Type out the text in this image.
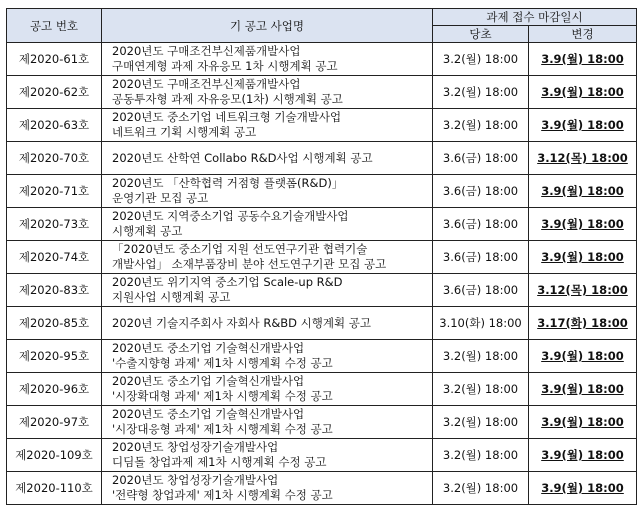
공고 번호	기 공고 사업명	과제 접수 마감일시	
		당초	변경
제2020-61호	2020년도 구매조건부신제품개발사업
구매연계형 과제 자유응모 1차 시행계획 공고	3.2(월) 18:00	3.9(월) 18:00
제2020-62호	2020년도 구매조건부신제품개발사업
공동투자형 과제 자유응모(1차) 시행계획 공고	3.2(월) 18:00	3.9(월) 18:00
제2020-63호	2020년도 중소기업 네트워크형 기술개발사업
네트워크 기획 시행계획 공고	3.2(월) 18:00	3.9(월) 18:00
제2020-70호	2020년도 산학연 Collabo R&D사업 시행계획 공고	3.6(금) 18:00	3.12(목) 18:00
제2020-71호	2020년도 「산학협력 거점형 플랫폼(R&D)」
운영기관 모집 공고	3.6(금) 18:00	3.9(월) 18:00
제2020-73호	2020년도 지역중소기업 공동수요기술개발사업
시행계획 공고	3.6(금) 18:00	3.9(월) 18:00
제2020-74호	「2020년도 중소기업 지원 선도연구기관 협력기술
개발사업」 소재부품장비 분야 선도연구기관 모집 공고	3.6(금) 18:00	3.9(월) 18:00
제2020-83호	2020년도 위기지역 중소기업 Scale-up R&D
지원사업 시행계획 공고	3.6(금) 18:00	3.12(목) 18:00
제2020-85호	2020년 기술지주회사 자회사 R&BD 시행계획 공고	3.10(화) 18:00	3.17(화) 18:00
제2020-95호	2020년도 중소기업 기술혁신개발사업
'수출지향형 과제' 제1차 시행계획 수정 공고	3.2(월) 18:00	3.9(월) 18:00
제2020-96호	2020년도 중소기업 기술혁신개발사업
'시장확대형 과제' 제1차 시행계획 수정 공고	3.2(월) 18:00	3.9(월) 18:00
제2020-97호	2020년도 중소기업 기술혁신개발사업
'시장대응형 과제' 제1차 시행계획 수정 공고	3.2(월) 18:00	3.9(월) 18:00
제2020-109호	2020년도 창업성장기술개발사업
디딤돌 창업과제 제1차 시행계획 수정 공고	3.2(월) 18:00	3.9(월) 18:00
제2020-110호	2020년도 창업성장기술개발사업
'전략형 창업과제' 제1차 시행계획 수정 공고	3.2(월) 18:00	3.9(월) 18:00
